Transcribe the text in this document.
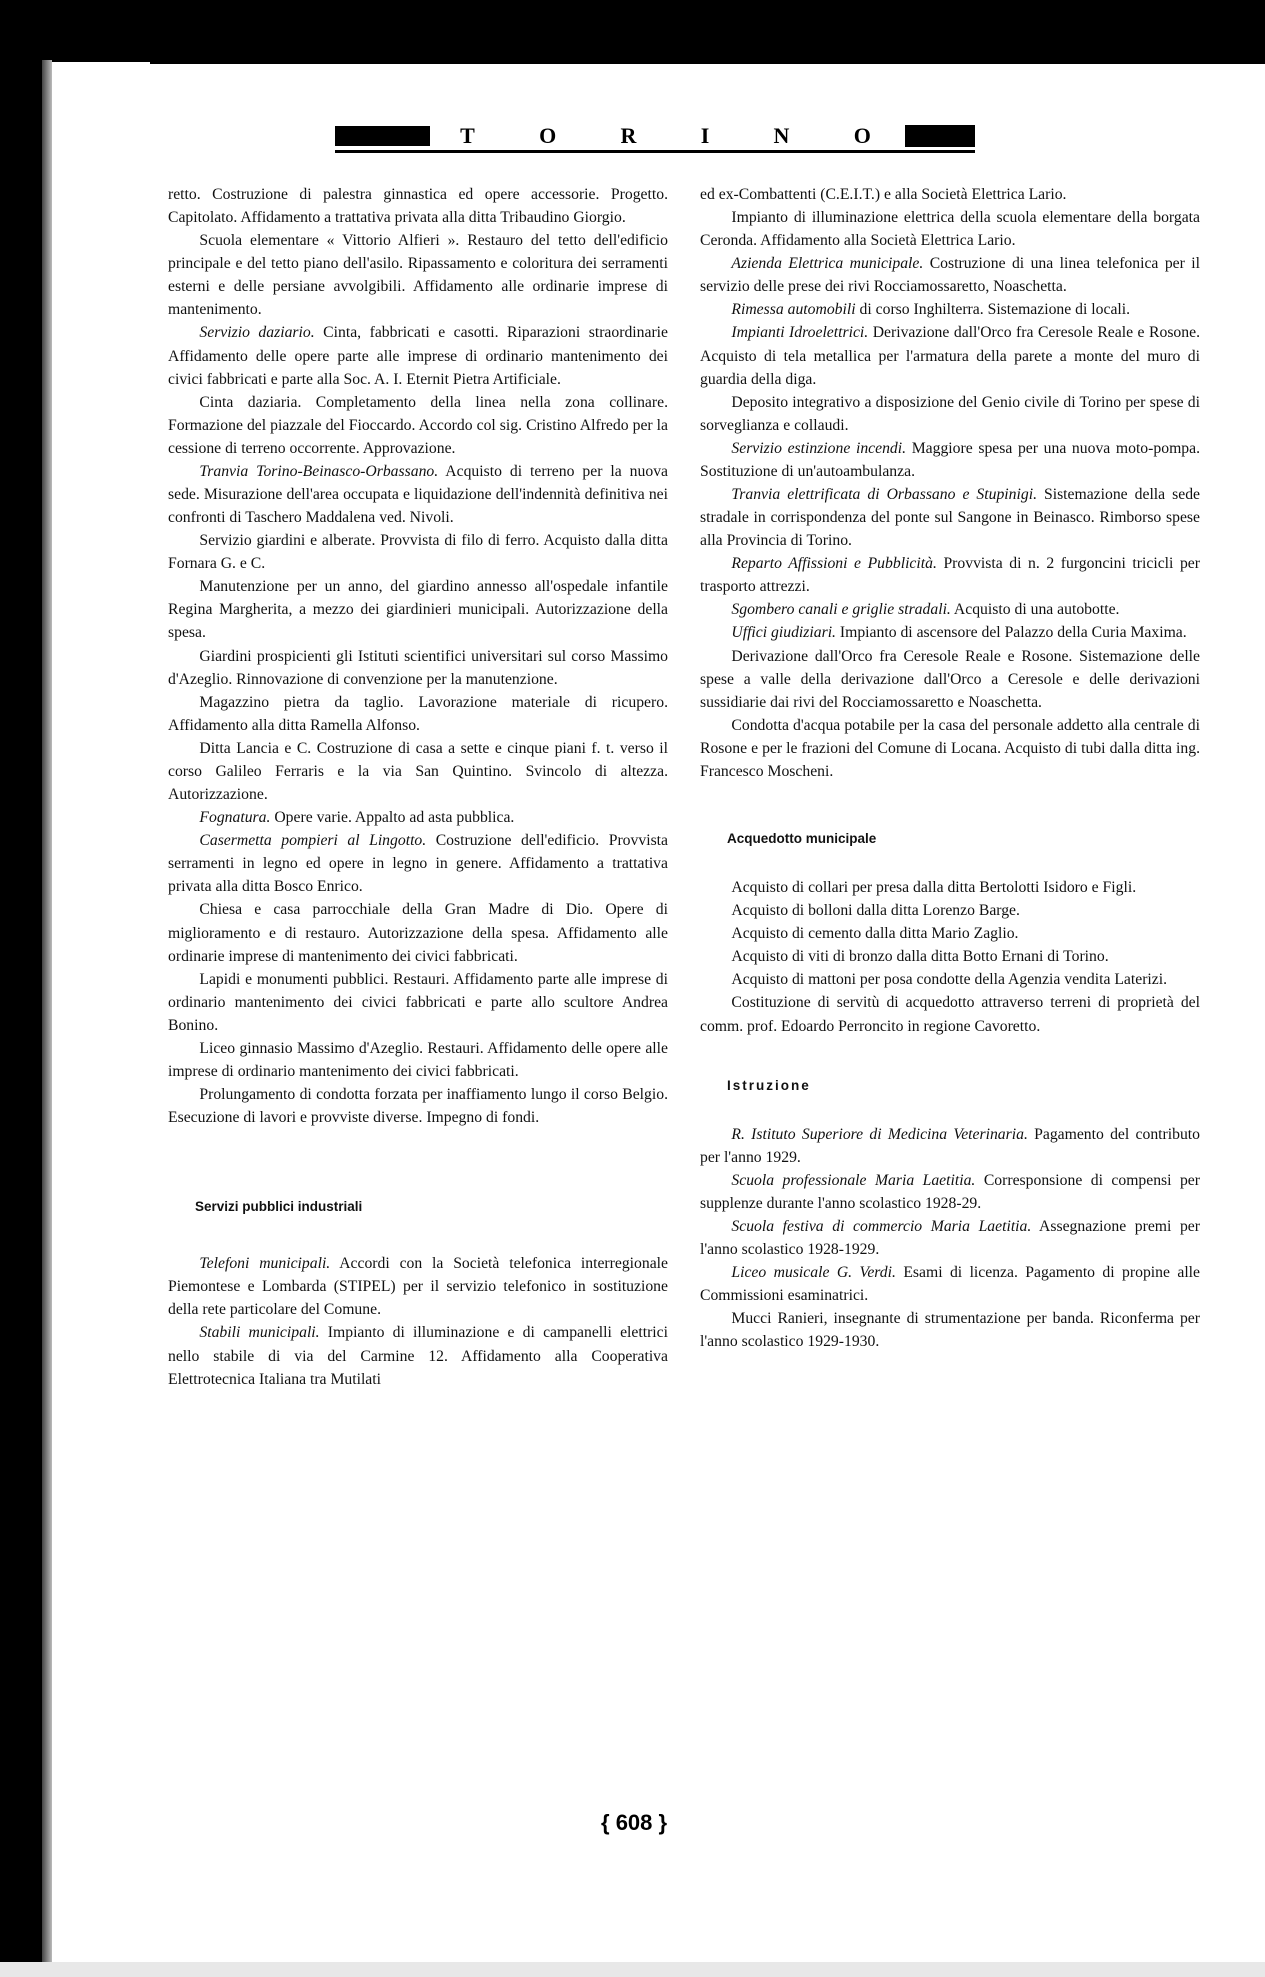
T	O	R	I	N	O

retto. Costruzione di palestra ginnastica ed opere accessorie. Progetto. Capitolato. Affidamento a trattativa privata alla ditta Tribaudino Giorgio.

Scuola elementare « Vittorio Alfieri ». Restauro del tetto dell'edificio principale e del tetto piano dell'asilo. Ripassamento e coloritura dei serramenti esterni e delle persiane avvolgibili. Affidamento alle ordinarie imprese di mantenimento.

Servizio daziario. Cinta, fabbricati e casotti. Riparazioni straordinarie Affidamento delle opere parte alle imprese di ordinario mantenimento dei civici fabbricati e parte alla Soc. A. I. Eternit Pietra Artificiale.

Cinta daziaria. Completamento della linea nella zona collinare. Formazione del piazzale del Fioccardo. Accordo col sig. Cristino Alfredo per la cessione di terreno occorrente. Approvazione.

Tranvia Torino-Beinasco-Orbassano. Acquisto di terreno per la nuova sede. Misurazione dell'area occupata e liquidazione dell'indennità definitiva nei confronti di Taschero Maddalena ved. Nivoli.

Servizio giardini e alberate. Provvista di filo di ferro. Acquisto dalla ditta Fornara G. e C.

Manutenzione per un anno, del giardino annesso all'ospedale infantile Regina Margherita, a mezzo dei giardinieri municipali. Autorizzazione della spesa.

Giardini prospicienti gli Istituti scientifici universitari sul corso Massimo d'Azeglio. Rinnovazione di convenzione per la manutenzione.

Magazzino pietra da taglio. Lavorazione materiale di ricupero. Affidamento alla ditta Ramella Alfonso.

Ditta Lancia e C. Costruzione di casa a sette e cinque piani f. t. verso il corso Galileo Ferraris e la via San Quintino. Svincolo di altezza. Autorizzazione.

Fognatura. Opere varie. Appalto ad asta pubblica.

Casermetta pompieri al Lingotto. Costruzione dell'edificio. Provvista serramenti in legno ed opere in legno in genere. Affidamento a trattativa privata alla ditta Bosco Enrico.

Chiesa e casa parrocchiale della Gran Madre di Dio. Opere di miglioramento e di restauro. Autorizzazione della spesa. Affidamento alle ordinarie imprese di mantenimento dei civici fabbricati.

Lapidi e monumenti pubblici. Restauri. Affidamento parte alle imprese di ordinario mantenimento dei civici fabbricati e parte allo scultore Andrea Bonino.

Liceo ginnasio Massimo d'Azeglio. Restauri. Affidamento delle opere alle imprese di ordinario mantenimento dei civici fabbricati.

Prolungamento di condotta forzata per inaffiamento lungo il corso Belgio. Esecuzione di lavori e provviste diverse. Impegno di fondi.

Servizi pubblici industriali

Telefoni municipali. Accordi con la Società telefonica interregionale Piemontese e Lombarda (STIPEL) per il servizio telefonico in sostituzione della rete particolare del Comune.

Stabili municipali. Impianto di illuminazione e di campanelli elettrici nello stabile di via del Carmine 12. Affidamento alla Cooperativa Elettrotecnica Italiana tra Mutilati

ed ex-Combattenti (C.E.I.T.) e alla Società Elettrica Lario.

Impianto di illuminazione elettrica della scuola elementare della borgata Ceronda. Affidamento alla Società Elettrica Lario.

Azienda Elettrica municipale. Costruzione di una linea telefonica per il servizio delle prese dei rivi Rocciamossaretto, Noaschetta.

Rimessa automobili di corso Inghilterra. Sistemazione di locali.

Impianti Idroelettrici. Derivazione dall'Orco fra Ceresole Reale e Rosone. Acquisto di tela metallica per l'armatura della parete a monte del muro di guardia della diga.

Deposito integrativo a disposizione del Genio civile di Torino per spese di sorveglianza e collaudi.

Servizio estinzione incendi. Maggiore spesa per una nuova moto-pompa. Sostituzione di un'autoambulanza.

Tranvia elettrificata di Orbassano e Stupinigi. Sistemazione della sede stradale in corrispondenza del ponte sul Sangone in Beinasco. Rimborso spese alla Provincia di Torino.

Reparto Affissioni e Pubblicità. Provvista di n. 2 furgoncini tricicli per trasporto attrezzi.

Sgombero canali e griglie stradali. Acquisto di una autobotte.

Uffici giudiziari. Impianto di ascensore del Palazzo della Curia Maxima.

Derivazione dall'Orco fra Ceresole Reale e Rosone. Sistemazione delle spese a valle della derivazione dall'Orco a Ceresole e delle derivazioni sussidiarie dai rivi del Rocciamossaretto e Noaschetta.

Condotta d'acqua potabile per la casa del personale addetto alla centrale di Rosone e per le frazioni del Comune di Locana. Acquisto di tubi dalla ditta ing. Francesco Moscheni.

Acquedotto municipale

Acquisto di collari per presa dalla ditta Bertolotti Isidoro e Figli.

Acquisto di bolloni dalla ditta Lorenzo Barge.

Acquisto di cemento dalla ditta Mario Zaglio.

Acquisto di viti di bronzo dalla ditta Botto Ernani di Torino.

Acquisto di mattoni per posa condotte della Agenzia vendita Laterizi.

Costituzione di servitù di acquedotto attraverso terreni di proprietà del comm. prof. Edoardo Perroncito in regione Cavoretto.

Istruzione

R. Istituto Superiore di Medicina Veterinaria. Pagamento del contributo per l'anno 1929.

Scuola professionale Maria Laetitia. Corresponsione di compensi per supplenze durante l'anno scolastico 1928-29.

Scuola festiva di commercio Maria Laetitia. Assegnazione premi per l'anno scolastico 1928-1929.

Liceo musicale G. Verdi. Esami di licenza. Pagamento di propine alle Commissioni esaminatrici.

Mucci Ranieri, insegnante di strumentazione per banda. Riconferma per l'anno scolastico 1929-1930.

{ 608 }
